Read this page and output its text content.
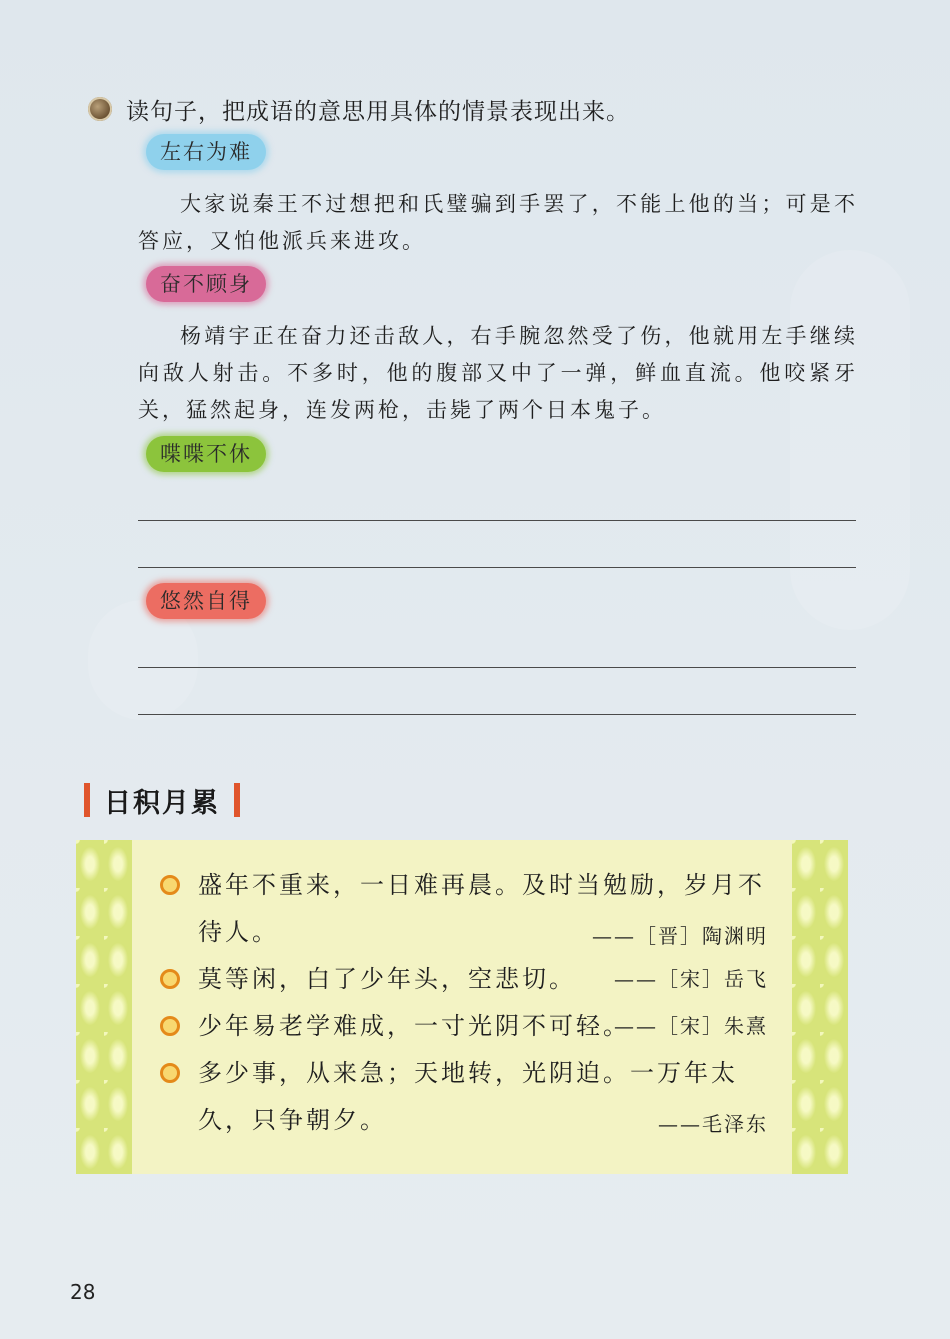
读句子，把成语的意思用具体的情景表现出来。
左右为难

大家说秦王不过想把和氏璧骗到手罢了，不能上他的当；可是不答应，又怕他派兵来进攻。

奋不顾身

杨靖宇正在奋力还击敌人，右手腕忽然受了伤，他就用左手继续向敌人射击。不多时，他的腹部又中了一弹，鲜血直流。他咬紧牙关，猛然起身，连发两枪，击毙了两个日本鬼子。

喋喋不休
悠然自得
日积月累
盛年不重来，一日难再晨。及时当勉励，岁月不待人。	——［晋］陶渊明
莫等闲，白了少年头，空悲切。	——［宋］岳飞
少年易老学难成，一寸光阴不可轻。
——［宋］朱熹
多少事，从来急；天地转，光阴迫。一万年太久，只争朝夕。	——毛泽东
28
